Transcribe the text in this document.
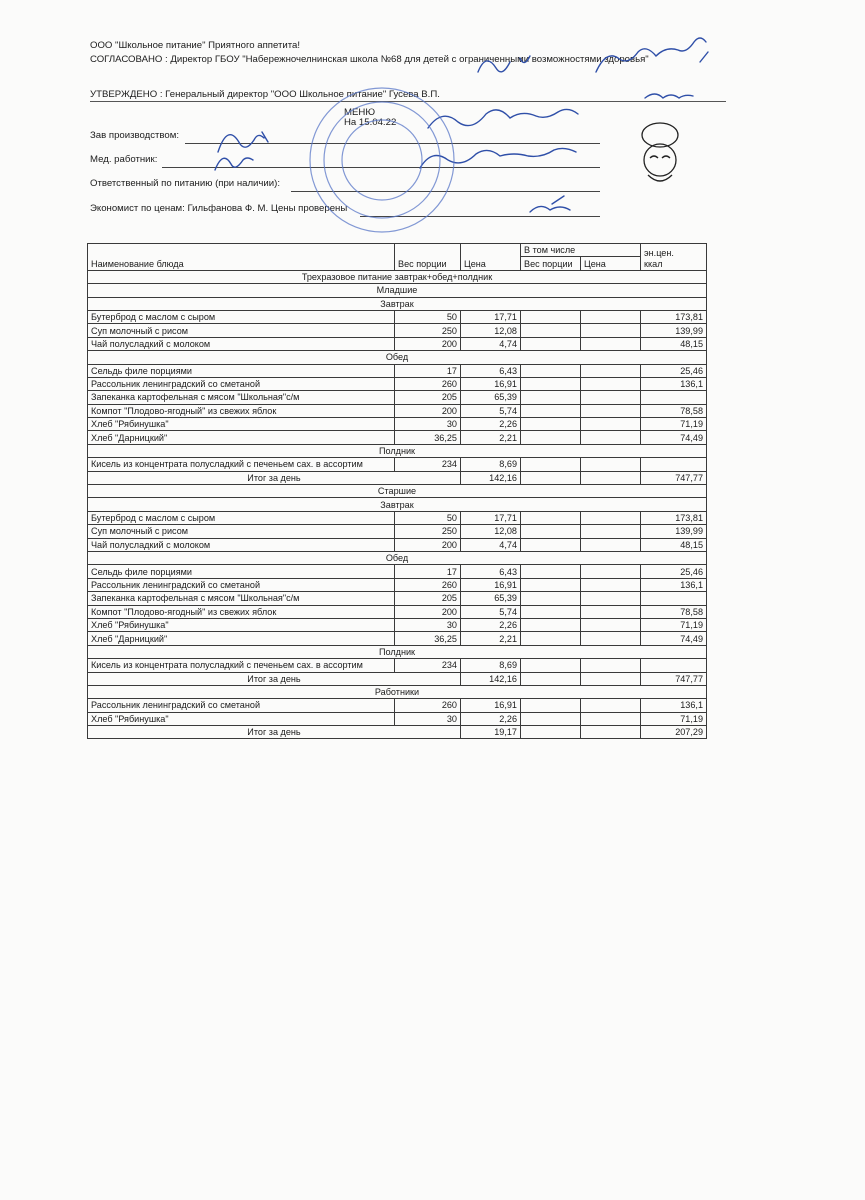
ООО "Школьное питание" Приятного аппетита!
СОГЛАСОВАНО : Директор ГБОУ "Набережночелнинская школа №68 для детей с ограниченными возможностями здоровья"
УТВЕРЖДЕНО : Генеральный директор "ООО Школьное питание" Гусева В.П.
МЕНЮ
На 15.04.22
Зав производством:
Мед. работник:
Ответственный по питанию (при наличии):
Экономист по ценам: Гильфанова Ф. М. Цены проверены
Наименование блюда	Вес порции	Цена	В том числе		эн.цен.
ккал
			Вес порции	Цена	
Трехразовое питание завтрак+обед+полдник					
Младшие					
Завтрак					
Бутерброд с маслом с сыром	50	17,71			173,81
Суп молочный с рисом	250	12,08			139,99
Чай полусладкий с молоком	200	4,74			48,15
Обед					
Сельдь филе порциями	17	6,43			25,46
Рассольник ленинградский со сметаной	260	16,91			136,1
Запеканка картофельная с мясом "Школьная"с/м	205	65,39			
Компот "Плодово-ягодный" из свежих яблок	200	5,74			78,58
Хлеб "Рябинушка"	30	2,26			71,19
Хлеб "Дарницкий"	36,25	2,21			74,49
Полдник					
Кисель из концентрата полусладкий с печеньем сах. в ассортим	234	8,69			
Итог за день		142,16			747,77
Старшие					
Завтрак					
Бутерброд с маслом с сыром	50	17,71			173,81
Суп молочный с рисом	250	12,08			139,99
Чай полусладкий с молоком	200	4,74			48,15
Обед					
Сельдь филе порциями	17	6,43			25,46
Рассольник ленинградский со сметаной	260	16,91			136,1
Запеканка картофельная с мясом "Школьная"с/м	205	65,39			
Компот "Плодово-ягодный" из свежих яблок	200	5,74			78,58
Хлеб "Рябинушка"	30	2,26			71,19
Хлеб "Дарницкий"	36,25	2,21			74,49
Полдник					
Кисель из концентрата полусладкий с печеньем сах. в ассортим	234	8,69			
Итог за день		142,16			747,77
Работники					
Рассольник ленинградский со сметаной	260	16,91			136,1
Хлеб "Рябинушка"	30	2,26			71,19
Итог за день		19,17			207,29
